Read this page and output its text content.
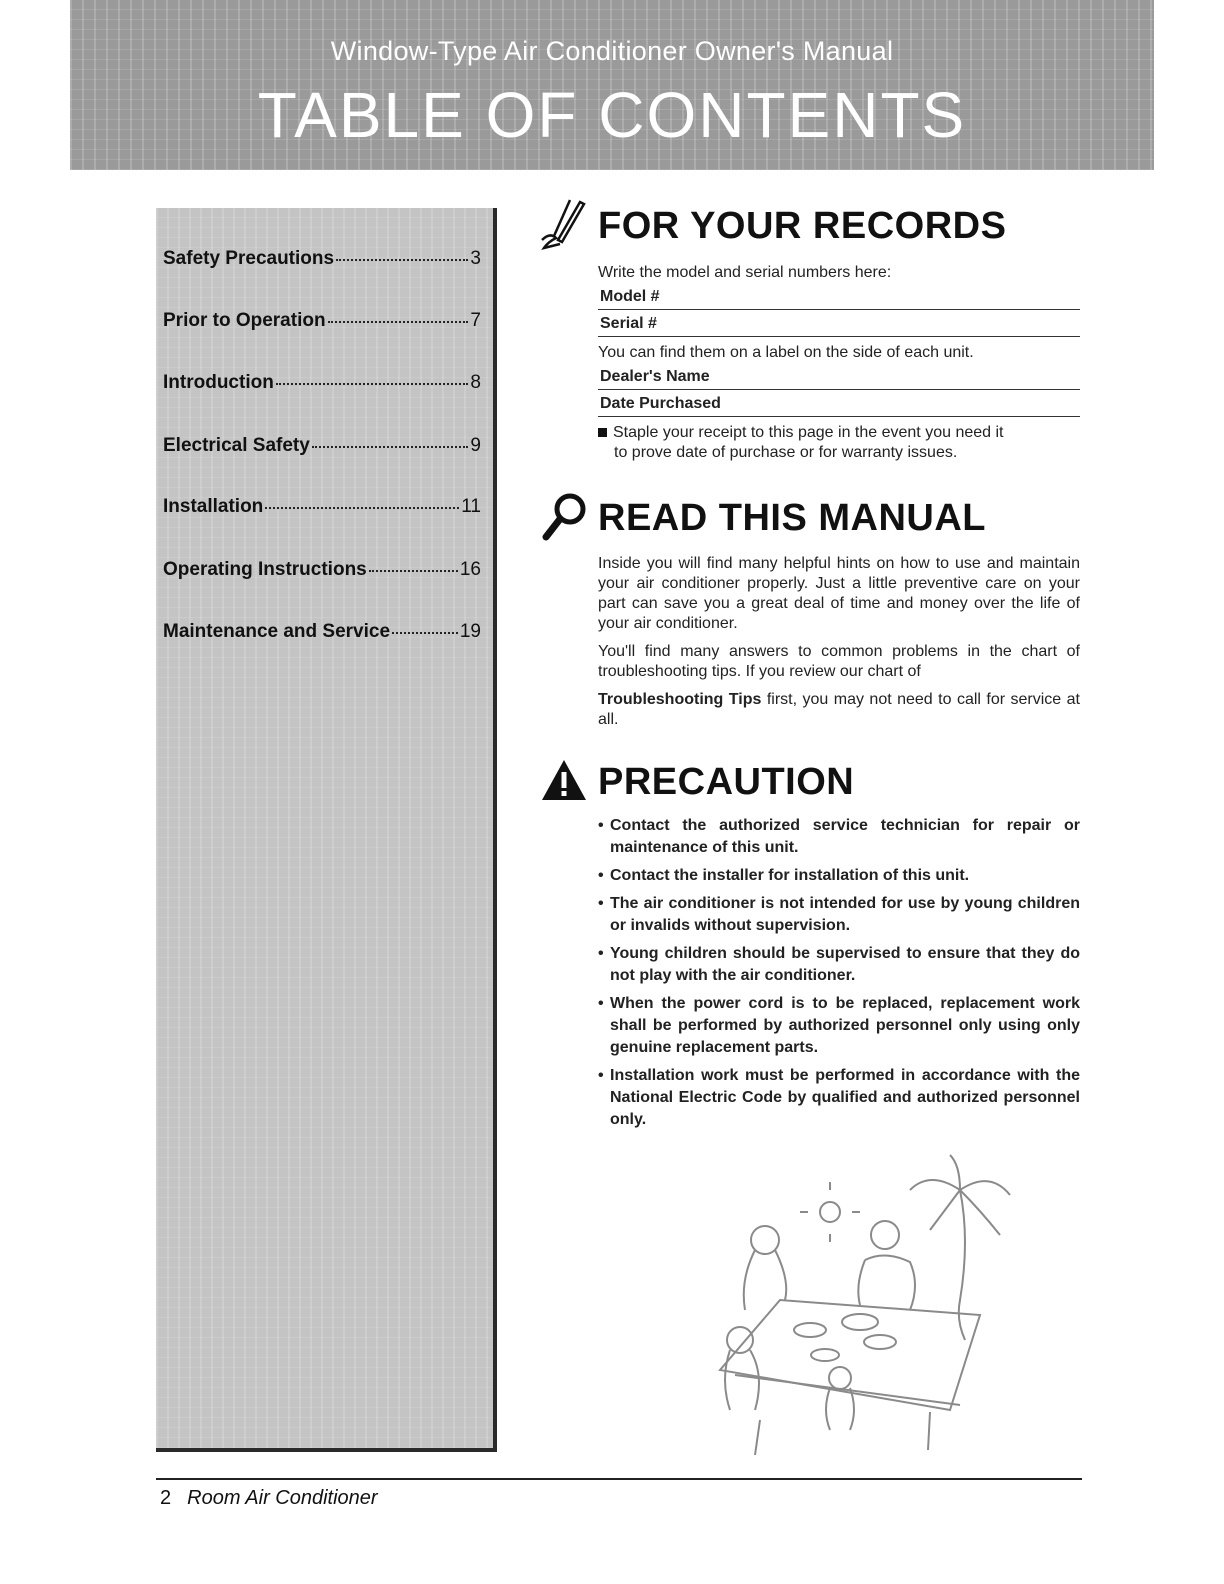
Window-Type Air Conditioner Owner's Manual
TABLE OF CONTENTS
Safety Precautions	3
Prior to Operation	7
Introduction	8
Electrical Safety	9
Installation	11
Operating Instructions	16
Maintenance and Service	19
FOR YOUR RECORDS
Write the model and serial numbers here:
Model #
Serial #
You can find them on a label on the side of each unit.
Dealer's Name
Date Purchased
Staple your receipt to this page in the event you need it
to prove date of purchase or for warranty issues.
READ THIS MANUAL

Inside you will find many helpful hints on how to use and maintain your air conditioner properly. Just a little preventive care on your part can save you a great deal of time and money over the life of your air conditioner.

You'll find many answers to common problems in the chart of troubleshooting tips. If you review our chart of

Troubleshooting Tips first, you may not need to call for service at all.

PRECAUTION
• Contact the authorized service technician for repair or maintenance of this unit.
• Contact the installer for installation of this unit.
• The air conditioner is not intended for use by young children or invalids without supervision.
• Young children should be supervised to ensure that they do not play with the air conditioner.
• When the power cord is to be replaced, replacement work shall be performed by authorized personnel only using only genuine replacement parts.
• Installation work must be performed in accordance with the National Electric Code by qualified and authorized personnel only.
2 Room Air Conditioner
